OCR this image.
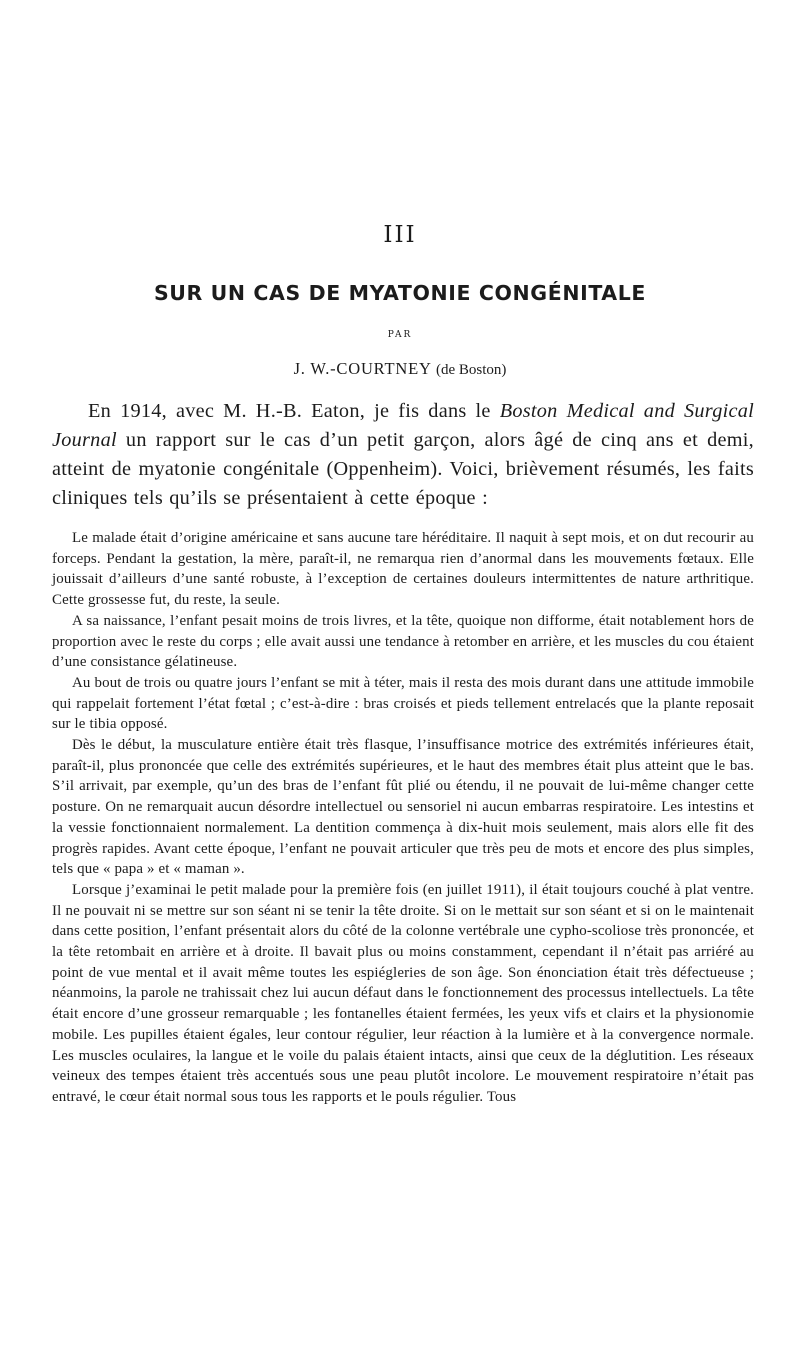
III
SUR UN CAS DE MYATONIE CONGÉNITALE
PAR
J. W.-COURTNEY (de Boston)

En 1914, avec M. H.-B. Eaton, je fis dans le Boston Medical and Surgical Journal un rapport sur le cas d’un petit garçon, alors âgé de cinq ans et demi, atteint de myatonie congénitale (Oppenheim). Voici, brièvement résumés, les faits cliniques tels qu’ils se présentaient à cette époque :

Le malade était d’origine américaine et sans aucune tare héréditaire. Il naquit à sept mois, et on dut recourir au forceps. Pendant la gestation, la mère, paraît-il, ne remarqua rien d’anormal dans les mouvements fœtaux. Elle jouissait d’ailleurs d’une santé robuste, à l’exception de certaines douleurs intermittentes de nature arthritique. Cette grossesse fut, du reste, la seule.

A sa naissance, l’enfant pesait moins de trois livres, et la tête, quoique non difforme, était notablement hors de proportion avec le reste du corps ; elle avait aussi une tendance à retomber en arrière, et les muscles du cou étaient d’une consistance gélatineuse.

Au bout de trois ou quatre jours l’enfant se mit à téter, mais il resta des mois durant dans une attitude immobile qui rappelait fortement l’état fœtal ; c’est-à-dire : bras croisés et pieds tellement entrelacés que la plante reposait sur le tibia opposé.

Dès le début, la musculature entière était très flasque, l’insuffisance motrice des extrémités inférieures était, paraît-il, plus prononcée que celle des extrémités supérieures, et le haut des membres était plus atteint que le bas. S’il arrivait, par exemple, qu’un des bras de l’enfant fût plié ou étendu, il ne pouvait de lui-même changer cette posture. On ne remarquait aucun désordre intellectuel ou sensoriel ni aucun embarras respiratoire. Les intestins et la vessie fonctionnaient normalement. La dentition commença à dix-huit mois seulement, mais alors elle fit des progrès rapides. Avant cette époque, l’enfant ne pouvait articuler que très peu de mots et encore des plus simples, tels que « papa » et « maman ».

Lorsque j’examinai le petit malade pour la première fois (en juillet 1911), il était toujours couché à plat ventre. Il ne pouvait ni se mettre sur son séant ni se tenir la tête droite. Si on le mettait sur son séant et si on le maintenait dans cette position, l’enfant présentait alors du côté de la colonne vertébrale une cypho-scoliose très prononcée, et la tête retombait en arrière et à droite. Il bavait plus ou moins constamment, cependant il n’était pas arriéré au point de vue mental et il avait même toutes les espiégleries de son âge. Son énonciation était très défectueuse ; néanmoins, la parole ne trahissait chez lui aucun défaut dans le fonctionnement des processus intellectuels. La tête était encore d’une grosseur remarquable ; les fontanelles étaient fermées, les yeux vifs et clairs et la physionomie mobile. Les pupilles étaient égales, leur contour régulier, leur réaction à la lumière et à la convergence normale. Les muscles oculaires, la langue et le voile du palais étaient intacts, ainsi que ceux de la déglutition. Les réseaux veineux des tempes étaient très accentués sous une peau plutôt incolore. Le mouvement respiratoire n’était pas entravé, le cœur était normal sous tous les rapports et le pouls régulier. Tous
